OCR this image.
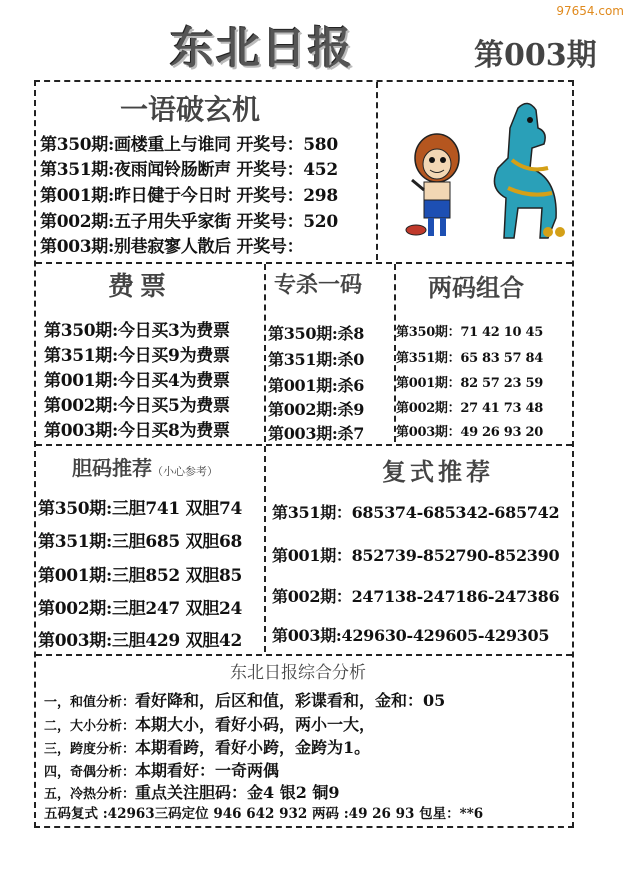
97654.com
东北日报	第003期
一语破玄机
第350期:画楼重上与谁同 开奖号：580
第351期:夜雨闻铃肠断声 开奖号：452
第001期:昨日健于今日时 开奖号：298
第002期:五子用失乎家街 开奖号：520
第003期:别巷寂寥人散后 开奖号：
费票	专杀一码	两码组合
第350期:今日买3为费票
第351期:今日买9为费票
第001期:今日买4为费票
第002期:今日买5为费票
第003期:今日买8为费票
第350期:杀8
第351期:杀0
第001期:杀6
第002期:杀9
第003期:杀7
第350期：71 42 10 45
第351期：65 83 57 84
第001期：82 57 23 59
第002期：27 41 73 48
第003期：49 26 93 20
胆码推荐（小心参考）	复式推荐
第350期:三胆741 双胆74
第351期:三胆685 双胆68
第001期:三胆852 双胆85
第002期:三胆247 双胆24
第003期:三胆429 双胆42
第351期：685374-685342-685742
第001期：852739-852790-852390
第002期：247138-247186-247386
第003期:429630-429605-429305
东北日报综合分析
一，和值分析：看好降和，后区和值，彩谍看和，金和：05
二，大小分析：本期大小，看好小码，两小一大，
三，跨度分析：本期看跨，看好小跨，金跨为1。
四，奇偶分析：本期看好：一奇两偶
五，冷热分析：重点关注胆码：金4 银2 铜9
五码复式 :42963三码定位 946 642 932 两码 :49 26 93 包星：**6
